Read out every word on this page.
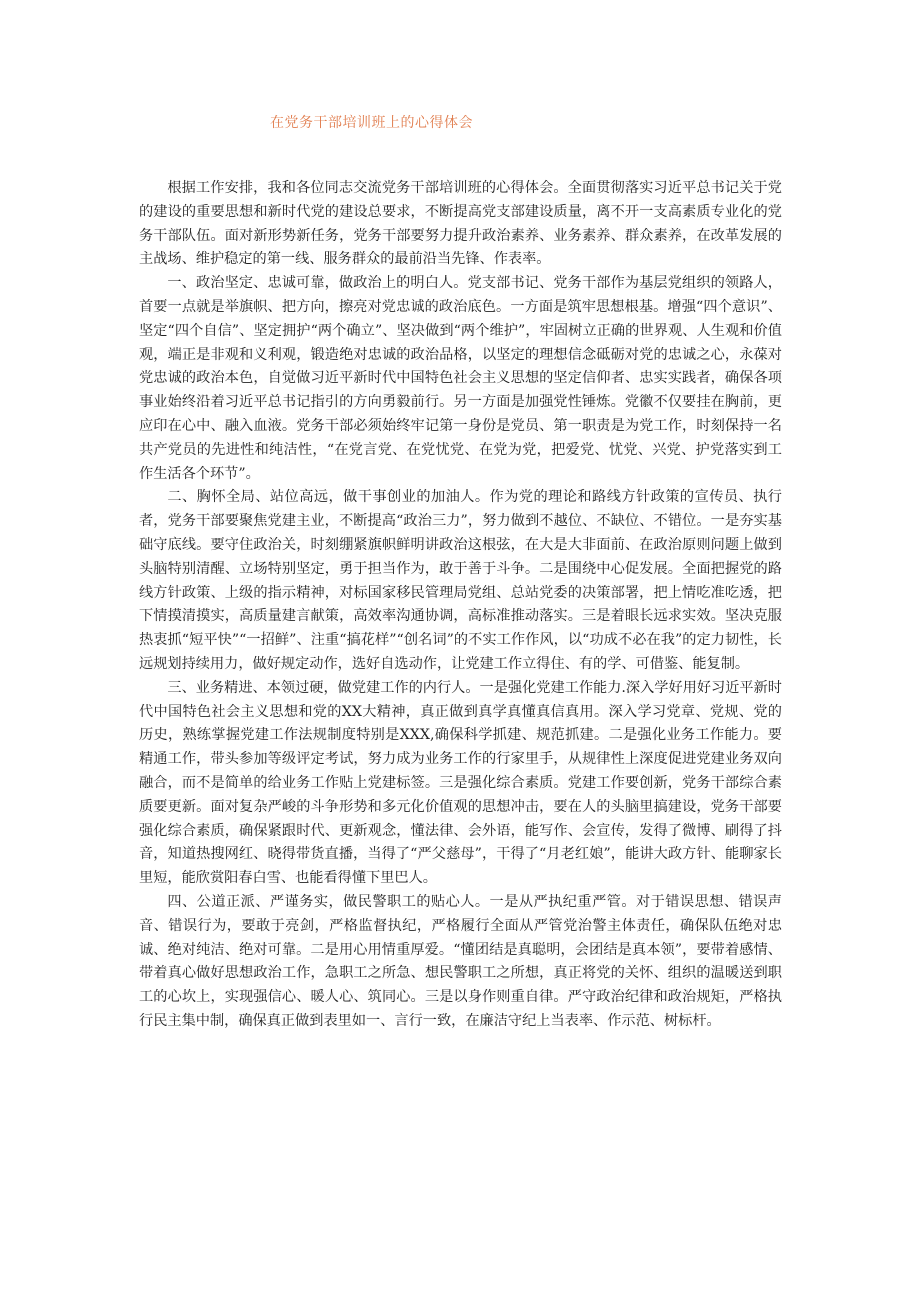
在党务干部培训班上的心得体会

根据工作安排，我和各位同志交流党务干部培训班的心得体会。全面贯彻落实习近平总书记关于党的建设的重要思想和新时代党的建设总要求，不断提高党支部建设质量，离不开一支高素质专业化的党务干部队伍。面对新形势新任务，党务干部要努力提升政治素养、业务素养、群众素养，在改革发展的主战场、维护稳定的第一线、服务群众的最前沿当先锋、作表率。

一、政治坚定、忠诚可靠，做政治上的明白人。党支部书记、党务干部作为基层党组织的领路人，首要一点就是举旗帜、把方向，擦亮对党忠诚的政治底色。一方面是筑牢思想根基。增强“四个意识”、坚定“四个自信”、坚定拥护“两个确立”、坚决做到“两个维护”，牢固树立正确的世界观、人生观和价值观，端正是非观和义利观，锻造绝对忠诚的政治品格，以坚定的理想信念砥砺对党的忠诚之心，永葆对党忠诚的政治本色，自觉做习近平新时代中国特色社会主义思想的坚定信仰者、忠实实践者，确保各项事业始终沿着习近平总书记指引的方向勇毅前行。另一方面是加强党性锤炼。党徽不仅要挂在胸前，更应印在心中、融入血液。党务干部必须始终牢记第一身份是党员、第一职责是为党工作，时刻保持一名共产党员的先进性和纯洁性，“在党言党、在党忧党、在党为党，把爱党、忧党、兴党、护党落实到工作生活各个环节”。

二、胸怀全局、站位高远，做干事创业的加油人。作为党的理论和路线方针政策的宣传员、执行者，党务干部要聚焦党建主业，不断提高“政治三力”，努力做到不越位、不缺位、不错位。一是夯实基础守底线。要守住政治关，时刻绷紧旗帜鲜明讲政治这根弦，在大是大非面前、在政治原则问题上做到头脑特别清醒、立场特别坚定，勇于担当作为，敢于善于斗争。二是围绕中心促发展。全面把握党的路线方针政策、上级的指示精神，对标国家移民管理局党组、总站党委的决策部署，把上情吃准吃透，把下情摸清摸实，高质量建言献策，高效率沟通协调，高标准推动落实。三是着眼长远求实效。坚决克服热衷抓“短平快”“一招鲜”、注重“搞花样”“创名词”的不实工作作风，以“功成不必在我”的定力韧性，长远规划持续用力，做好规定动作，选好自选动作，让党建工作立得住、有的学、可借鉴、能复制。

三、业务精进、本领过硬，做党建工作的内行人。一是强化党建工作能力.深入学好用好习近平新时代中国特色社会主义思想和党的XX大精神，真正做到真学真懂真信真用。深入学习党章、党规、党的历史，熟练掌握党建工作法规制度特别是XXX,确保科学抓建、规范抓建。二是强化业务工作能力。要精通工作，带头参加等级评定考试，努力成为业务工作的行家里手，从规律性上深度促进党建业务双向融合，而不是简单的给业务工作贴上党建标签。三是强化综合素质。党建工作要创新，党务干部综合素质要更新。面对复杂严峻的斗争形势和多元化价值观的思想冲击，要在人的头脑里搞建设，党务干部要强化综合素质，确保紧跟时代、更新观念，懂法律、会外语，能写作、会宣传，发得了微博、刷得了抖音，知道热搜网红、晓得带货直播，当得了“严父慈母”，干得了“月老红娘”，能讲大政方针、能聊家长里短，能欣赏阳春白雪、也能看得懂下里巴人。

四、公道正派、严谨务实，做民警职工的贴心人。一是从严执纪重严管。对于错误思想、错误声音、错误行为，要敢于亮剑，严格监督执纪，严格履行全面从严管党治警主体责任，确保队伍绝对忠诚、绝对纯洁、绝对可靠。二是用心用情重厚爱。“懂团结是真聪明，会团结是真本领”，要带着感情、带着真心做好思想政治工作，急职工之所急、想民警职工之所想，真正将党的关怀、组织的温暖送到职工的心坎上，实现强信心、暖人心、筑同心。三是以身作则重自律。严守政治纪律和政治规矩，严格执行民主集中制，确保真正做到表里如一、言行一致，在廉洁守纪上当表率、作示范、树标杆。
